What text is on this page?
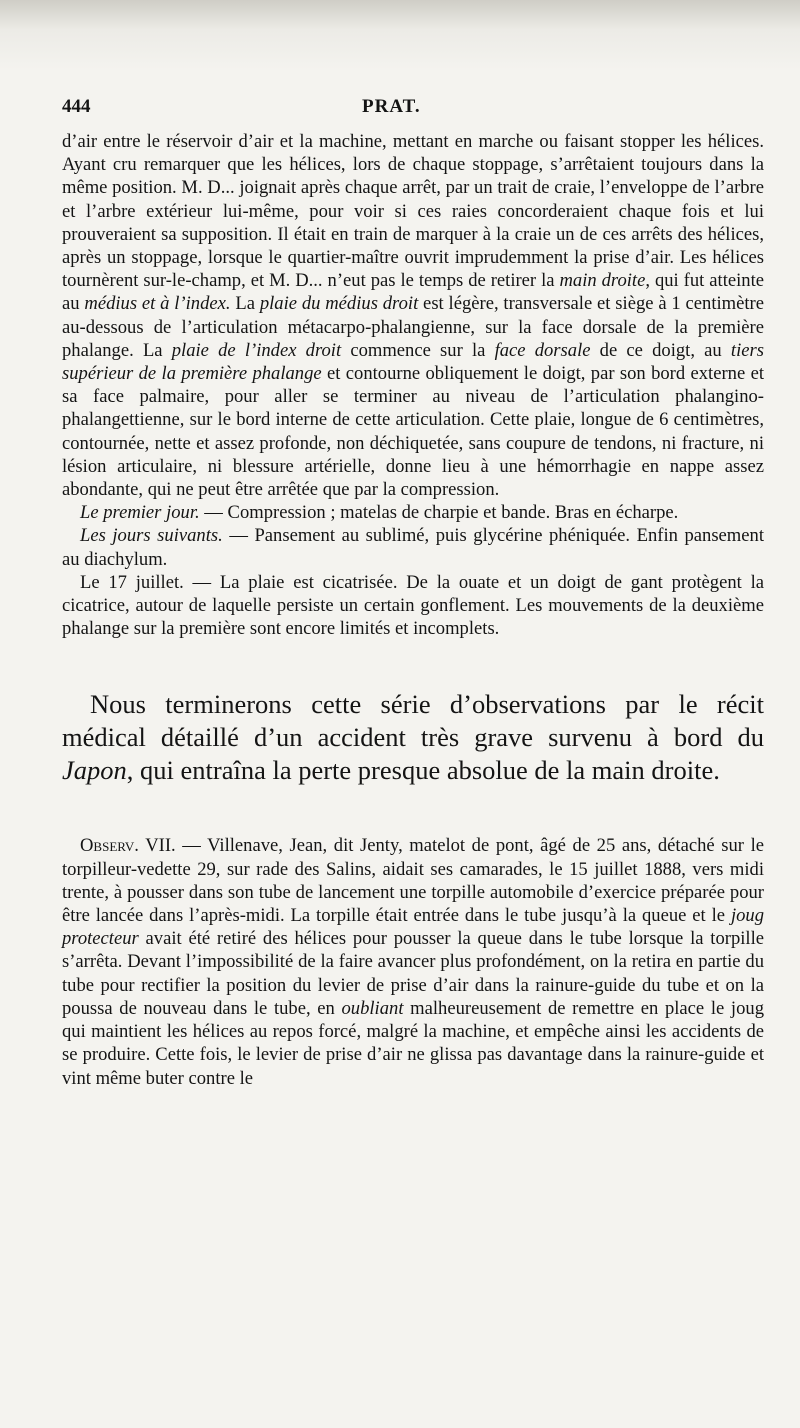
444	PRAT.

d’air entre le réservoir d’air et la machine, mettant en marche ou faisant stopper les hélices. Ayant cru remarquer que les hélices, lors de chaque stoppage, s’arrêtaient toujours dans la même position. M. D... joignait après chaque arrêt, par un trait de craie, l’enveloppe de l’arbre et l’arbre extérieur lui-même, pour voir si ces raies concorderaient chaque fois et lui prouveraient sa supposition. Il était en train de marquer à la craie un de ces arrêts des hélices, après un stoppage, lorsque le quartier-maître ouvrit imprudemment la prise d’air. Les hélices tournèrent sur-le-champ, et M. D... n’eut pas le temps de retirer la main droite, qui fut atteinte au médius et à l’index. La plaie du médius droit est légère, transversale et siège à 1 centimètre au-dessous de l’articulation métacarpo-phalangienne, sur la face dorsale de la première phalange. La plaie de l’index droit commence sur la face dorsale de ce doigt, au tiers supérieur de la première phalange et contourne obliquement le doigt, par son bord externe et sa face palmaire, pour aller se terminer au niveau de l’articulation phalangino-phalangettienne, sur le bord interne de cette articulation. Cette plaie, longue de 6 centimètres, contournée, nette et assez profonde, non déchiquetée, sans coupure de tendons, ni fracture, ni lésion articulaire, ni blessure artérielle, donne lieu à une hémorrhagie en nappe assez abondante, qui ne peut être arrêtée que par la compression.

Le premier jour. — Compression ; matelas de charpie et bande. Bras en écharpe.

Les jours suivants. — Pansement au sublimé, puis glycérine phéniquée. Enfin pansement au diachylum.

Le 17 juillet. — La plaie est cicatrisée. De la ouate et un doigt de gant protègent la cicatrice, autour de laquelle persiste un certain gonflement. Les mouvements de la deuxième phalange sur la première sont encore limités et incomplets.

Nous terminerons cette série d’observations par le récit médical détaillé d’un accident très grave survenu à bord du Japon, qui entraîna la perte presque absolue de la main droite.

Observ. VII. — Villenave, Jean, dit Jenty, matelot de pont, âgé de 25 ans, détaché sur le torpilleur-vedette 29, sur rade des Salins, aidait ses camarades, le 15 juillet 1888, vers midi trente, à pousser dans son tube de lancement une torpille automobile d’exercice préparée pour être lancée dans l’après-midi. La torpille était entrée dans le tube jusqu’à la queue et le joug protecteur avait été retiré des hélices pour pousser la queue dans le tube lorsque la torpille s’arrêta. Devant l’impossibilité de la faire avancer plus profondément, on la retira en partie du tube pour rectifier la position du levier de prise d’air dans la rainure-guide du tube et on la poussa de nouveau dans le tube, en oubliant malheureusement de remettre en place le joug qui maintient les hélices au repos forcé, malgré la machine, et empêche ainsi les accidents de se produire. Cette fois, le levier de prise d’air ne glissa pas davantage dans la rainure-guide et vint même buter contre le
